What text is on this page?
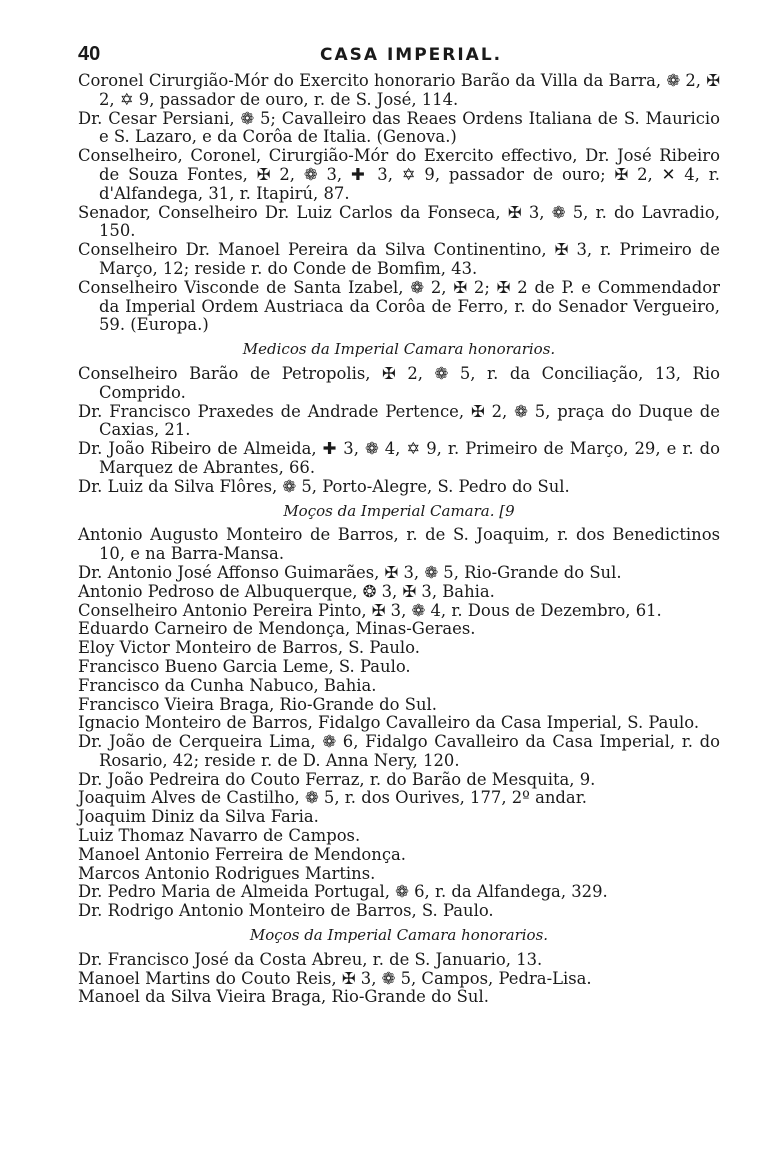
40	CASA IMPERIAL.

Coronel Cirurgião-Mór do Exercito honorario Barão da Villa da Barra, ❁ 2, ✠ 2, ✡ 9, passador de ouro, r. de S. José, 114.

Dr. Cesar Persiani, ❁ 5; Cavalleiro das Reaes Ordens Italiana de S. Mauricio e S. Lazaro, e da Corôa de Italia. (Genova.)

Conselheiro, Coronel, Cirurgião-Mór do Exercito effectivo, Dr. José Ribeiro de Souza Fontes, ✠ 2, ❁ 3, ✚ 3, ✡ 9, passador de ouro; ✠ 2, ✕ 4, r. d'Alfandega, 31, r. Itapirú, 87.

Senador, Conselheiro Dr. Luiz Carlos da Fonseca, ✠ 3, ❁ 5, r. do Lavradio, 150.

Conselheiro Dr. Manoel Pereira da Silva Continentino, ✠ 3, r. Primeiro de Março, 12; reside r. do Conde de Bomfim, 43.

Conselheiro Visconde de Santa Izabel, ❁ 2, ✠ 2; ✠ 2 de P. e Commendador da Imperial Ordem Austriaca da Corôa de Ferro, r. do Senador Vergueiro, 59. (Europa.)

Medicos da Imperial Camara honorarios.

Conselheiro Barão de Petropolis, ✠ 2, ❁ 5, r. da Conciliação, 13, Rio Comprido.

Dr. Francisco Praxedes de Andrade Pertence, ✠ 2, ❁ 5, praça do Duque de Caxias, 21.

Dr. João Ribeiro de Almeida, ✚ 3, ❁ 4, ✡ 9, r. Primeiro de Março, 29, e r. do Marquez de Abrantes, 66.

Dr. Luiz da Silva Flôres, ❁ 5, Porto-Alegre, S. Pedro do Sul.

Moços da Imperial Camara. [9

Antonio Augusto Monteiro de Barros, r. de S. Joaquim, r. dos Benedictinos 10, e na Barra-Mansa.

Dr. Antonio José Affonso Guimarães, ✠ 3, ❁ 5, Rio-Grande do Sul.

Antonio Pedroso de Albuquerque, ❂ 3, ✠ 3, Bahia.

Conselheiro Antonio Pereira Pinto, ✠ 3, ❁ 4, r. Dous de Dezembro, 61.

Eduardo Carneiro de Mendonça, Minas-Geraes.

Eloy Victor Monteiro de Barros, S. Paulo.

Francisco Bueno Garcia Leme, S. Paulo.

Francisco da Cunha Nabuco, Bahia.

Francisco Vieira Braga, Rio-Grande do Sul.

Ignacio Monteiro de Barros, Fidalgo Cavalleiro da Casa Imperial, S. Paulo.

Dr. João de Cerqueira Lima, ❁ 6, Fidalgo Cavalleiro da Casa Imperial, r. do Rosario, 42; reside r. de D. Anna Nery, 120.

Dr. João Pedreira do Couto Ferraz, r. do Barão de Mesquita, 9.

Joaquim Alves de Castilho, ❁ 5, r. dos Ourives, 177, 2º andar.

Joaquim Diniz da Silva Faria.

Luiz Thomaz Navarro de Campos.

Manoel Antonio Ferreira de Mendonça.

Marcos Antonio Rodrigues Martins.

Dr. Pedro Maria de Almeida Portugal, ❁ 6, r. da Alfandega, 329.

Dr. Rodrigo Antonio Monteiro de Barros, S. Paulo.

Moços da Imperial Camara honorarios.

Dr. Francisco José da Costa Abreu, r. de S. Januario, 13.

Manoel Martins do Couto Reis, ✠ 3, ❁ 5, Campos, Pedra-Lisa.

Manoel da Silva Vieira Braga, Rio-Grande do Sul.
